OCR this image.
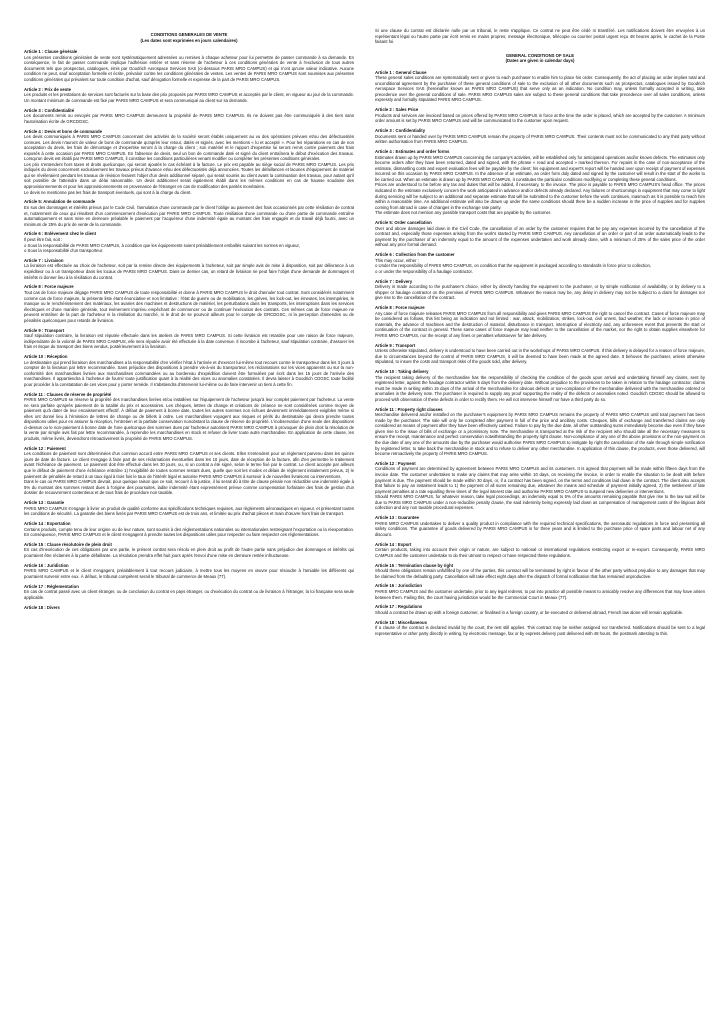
CONDITIONS GENERALES DE VENTE

(Les dates sont exprimées en jours calendaires)

Article 1 : Clause générale

Les présentes conditions générales de vente sont systématiquement adressées ou remises à chaque acheteur pour lui permettre de passer commande à sa demande. En conséquence, le fait de passer commande implique l'adhésion entière et sans réserve de l'acheteur à ces conditions générales de vente à l'exclusion de tous autres documents tels que prospectus, catalogues, émis par Goodrich Aerospace Services SAS (ci-dessous PARIS MRO CAMPUS) et qui n'ont qu'une valeur indicative. Aucune condition ne peut, sauf acceptation formelle et écrite, prévaloir contre les conditions générales de ventes. Les ventes de PARIS MRO CAMPUS sont soumises aux présentes conditions générales qui prévalent sur toute condition d'achat, sauf dérogation formelle et expresse de la part de PARIS MRO CAMPUS.

Article 2 : Prix de vente

Les produits et les prestations de services sont facturés sur la base des prix proposés par PARIS MRO CAMPUS et acceptés par le client, en vigueur au jour de la commande. Un montant minimum de commande est fixé par PARIS MRO CAMPUS et sera communiqué au client sur sa demande.

Article 3 : Confidentialité

Les documents remis ou envoyés par PARIS MRO CAMPUS demeurent la propriété de PARIS MRO CAMPUS. Ils ne doivent pas être communiqués à des tiers sans l'autorisation écrite de GRCDGSC.

Article 4 : Devis et bons de commande

Les devis communiqués à PARIS MRO CAMPUS concernant des activités de la société seront établis uniquement au vu des opérations prévues et/ou des défectuosités connues. Les devis n'auront de valeur de bons de commande qu'après leur retour, datés et signés, avec les mentions « lu et accepté ». Pour les réparations en cas de non acceptation du devis, les frais de démontage et d'expertise seront à la charge du client ; son matériel et le rapport d'expertise lui seront remis contre paiement des frais exposés à cette occasion par PARIS MRO CAMPUS. En l'absence de devis, seul un bon de commande daté et signé du client entraînera le début d'exécution des travaux. Lorsqu'un devis est établi par PARIS MRO CAMPUS, il constitue les conditions particulières venant modifier ou compléter les présentes conditions générales.

Les prix s'entendent hors taxes et droits quelconque, qui seront ajoutés le cas échéant à la facture. Le prix est payable au siège social de PARIS MRO CAMPUS. Les prix indiqués du devis concernent exclusivement les travaux prévus d'avance et/ou des défectuosités déjà annoncées. Toutes les défaillances et lacunes d'équipement de matériel qui se révéleraient pendant les travaux de révision feraient l'objet d'un devis additionnel séparé, qui serait soumis au client avant la continuation des travaux, pour autant qu'il soit possible de l'atteindre dans un délai raisonnable. Un devis additionnel serait également établi dans les mêmes conditions en cas de hausse soudaine des approvisionnements et pour les approvisionnements en provenance de l'étranger en cas de modification des parités monétaires.

Le devis ne mentionne pas les frais de transport éventuels, qui sont à la charge du client.

Article 5: Annulation de commande

En sus des dommages et intérêts prévus par le Code Civil, l'annulation d'une commande par le client l'oblige au paiement des frais occasionnés par cette résiliation de contrat et, notamment de ceux qui résultent d'un commencement d'exécution par PARIS MRO CAMPUS. Toute résiliation d'une commande ou d'une partie de commande entraîne automatiquement et sans mise en demeure préalable le paiement par l'acquéreur d'une indemnité égale au montant des frais engagés et du travail déjà fourni, avec un minimum de 25% du prix de vente de la commande.

Article 6 : Enlèvement chez le client

Il peut être fait, soit :

o Sous la responsabilité de PARIS MRO CAMPUS, à condition que les équipements soient préalablement emballés suivant les normes en vigueur,

o Sous la responsabilité d'un transporteur.

Article 7 : Livraison

La livraison est effectuée au choix de l'acheteur, soit par la remise directe des équipements à l'acheteur, soit par simple avis de mise à disposition, soit par délivrance à un expéditeur ou à un transporteur dans les locaux de PARIS MRO CAMPUS. Dans ce dernier cas, un retard de livraison ne peut faire l'objet d'une demande de dommages et intérêts ni donner lieu à la résiliation du contrat.

Article 8 : Force majeure

Tout cas de force majeure dégage PARIS MRO CAMPUS de toute responsabilité et donne à PARIS MRO CAMPUS le droit d'annuler tout contrat. Sont considérés notamment comme cas de force majeure, la présente liste étant énonciative et non limitative : l'état de guerre ou de mobilisation, les grèves, les lock-out, les émeutes, les intempéries, le manque ou le renchérissement des matériaux, les avaries des machines et destructions de matériel, les perturbations dans les transports, les interruptions dans les services électriques et d'une manière générale, tout événement imprévu empêchant de commencer ou de continuer l'exécution des contrats. Ces mêmes cas de force majeure ne peuvent entraîner de la part de l'acheteur ni la résiliation du marché, ni le droit de se pourvoir ailleurs pour le compte de GRCDGSC, ni la perception d'amendes ou de pénalités quelconques pour retards de livraison.

Article 9 : Transport

Sauf stipulation contraire, la livraison est réputée effectuée dans les ateliers de PARIS MRO CAMPUS. Si cette livraison est retardée pour une raison de force majeure, indépendante de la volonté de PARIS MRO CAMPUS, elle sera réputée avoir été effectuée à la date convenue. Il incombe à l'acheteur, sauf stipulation contraire, d'assurer les frais et risque du transport des biens vendus, postérieurement à la livraison.

Article 10 : Réception

Le destinataire qui prend livraison des marchandises a la responsabilité d'en vérifier l'état à l'arrivée et d'exercer lui-même tout recours contre le transporteur dans les 3 jours à compter de la livraison par lettre recommandée. Sans préjudice des dispositions à prendre vis-à-vis du transporteur, les réclamations sur les vices apparents ou sur la non-conformité des marchandises livrées aux marchandises commandées ou au bordereau d'expédition doivent être formulées par écrit dans les 15 jours de l'arrivée des marchandises. Il appartiendra à l'acheteur de fournir toute justification quant à la réalité des vices ou anomalies constatées. Il devra laisser à Goodrich CDGSC toute facilité pour procéder à la constatation de ces vices pour y porter remède. Il s'abstiendra d'intervenir lui-même ou de faire intervenir un tiers à cette fin.

Article 11 : Clauses de réserve de propriété

PARIS MRO CAMPUS se réserve la propriété des marchandises livrées et/ou installées sur l'équipement de l'acheteur jusqu'à leur complet paiement par l'acheteur. La vente ne sera parfaite qu'après paiement de la totalité du prix et accessoires. Les chèques, lettres de change et créations de créance ne sont considérées comme moyen de paiement qu'à dater de leur encaissement effectif. À défaut de paiement à bonne date, toutes les autres sommes non échues deviennent immédiatement exigibles même si elles ont donné lieu à l'émission de lettres de change ou de billets à ordre. Les marchandises voyagent aux risques et périls du destinataire qui devra prendre toutes dispositions utiles pour en assurer la réception, l'entretien et la parfaite conservation nonobstant la clause de réserve de propriété. L'inobservation d'une seule des dispositions ci-dessus ou le non-paiement à bonne date de l'une quelconque des sommes dues par l'acheteur autorisent PARIS MRO CAMPUS à provoquer de plein droit la résolution de la vente par simple avis fait par lettre recommandée, à reprendre les marchandises en stock et refuser de livrer toute autre marchandise. En application de cette clause, les produits, même livrés, deviendront rétroactivement la propriété de PARIS MRO CAMPUS.

Article 12 : Paiement

Les conditions de paiement sont déterminées d'un commun accord entre PARIS MRO CAMPUS et ses clients. Elles s'entendent pour un règlement parvenu dans les quinze jours de date de facture. Le client s'engage à faire part de ses réclamations éventuelles dans les 10 jours, date de réception de la facture, afin d'en permettre le traitement avant l'échéance de paiement. Le paiement doit être effectué dans les 30 jours, ou, si un contrat a été signé, selon le terme fixé par le contrat. Le client accepte par ailleurs que le défaut de paiement d'une échéance entraîne 1) l'exigibilité de toutes sommes restant dues, quelle que soit les modes et délais de règlement initialement prévus, 2) le paiement de pénalités de retard à un taux égal à trois fois le taux de l'intérêt légal et autorise PARIS MRO CAMPUS à surseoir à de nouvelles livraisons ou interventions.

Dans le cas où PARIS MRO CAMPUS devrait, pour quelque raison que ce soit, recourir à la justice, il lui serait dû à titre de clause pénale non réductible une indemnité égale à 5% du montant des sommes restant dues à l'origine des poursuites, ladite indemnité étant expressément prévue comme compensation forfaitaire des frais de gestion d'un dossier de recouvrement contentieux et de tous frais de procédure non taxable.

Article 13 : Garantie

PARIS MRO CAMPUS s'engage à livrer un produit de qualité conforme aux spécifications techniques requises, aux règlements aéronautiques en vigueur, et présentant toutes les conditions de sécurité. La garantie des biens livrés par PARIS MRO CAMPUS est de trois ans, et limitée au prix d'achat pièces et main d'œuvre hors frais de transport.

Article 14 : Exportation

Certains produits, compte tenu de leur origine ou de leur nature, sont soumis à des réglementations nationales ou internationales restreignant l'exportation ou la réexportation. En conséquence, PARIS MRO CAMPUS et le client s'engagent à prendre toutes les dispositions utiles pour respecter ou faire respecter ces réglementations.

Article 15 : Clause résolutoire de plein droit

En cas d'inexécution de ces obligations par une partie, le présent contrat sera résolu en plein droit au profit de l'autre partie sans préjudice des dommages et intérêts qui pourraient être réclamés à la partie défaillante. La résolution prendra effet huit jours après l'envoi d'une mise en demeure restée infructueuse.

Article 16 : Juridiction

PARIS MRO CAMPUS et le client s'engagent, préalablement à tout recours judiciaire, à mettre tous les moyens en œuvre pour résoudre à l'amiable les différents qui pourraient survenir entre eux. À défaut, le tribunal compétent serait le tribunal de commerce de Meaux (77).

Article 17 : Réglementation

En cas de contrat passé avec un client étranger, ou de conclusion du contrat en pays étranger, ou d'exécution du contrat ou de livraison à l'étranger, la loi française sera seule applicable.

Article 18 : Divers

Si une clause du contrat est déclarée nulle par un tribunal, le reste s'applique. Ce contrat ne peut être cédé ni transféré. Les notifications doivent être envoyées à un représentant légal ou l'autre partie par écrit remis en mains propres, message électronique, télécopie ou courrier postal urgent reçu 48 heures après, le cachet de la Poste faisant foi.

GENERAL CONDITIONS OF SALE

(Dates are given in calendar days)

Article 1 : General Clause

These general sales conditions are systematically sent or given to each purchaser to enable him to place his order. Consequently, the act of placing an order implies total and unconditional agreement by the purchaser of these general conditions of sale to the exclusion of all other documents such as prospectus, catalogues issued by Goodrich Aerospace Services SAS (hereinafter known as PARIS MRO CAMPUS) that serve only as an indication. No condition may, unless formally accepted in writing, take precedence over the general conditions of sale. PARIS MRO CAMPUS sales are subject to these general conditions that take precedence over all sales conditions, unless expressly and formally stipulated PARIS MRO CAMPUS.

Article 2 : Sales Price

Products and services are invoiced based on prices offered by PARIS MRO CAMPUS in force at the time the order is placed, which are accepted by the customer. A minimum order amount is set by PARIS MRO CAMPUS and will be communicated to the customer upon request.

Article 3 : Confidentiality

Documents sent or handed over by PARIS MRO CAMPUS remain the property of PARIS MRO CAMPUS. Their contents must not be communicated to any third party without written authorisation from PARIS MRO CAMPUS.

Article 4 : Estimates and order forms

Estimates drawn up by PARIS MRO CAMPUS concerning the company's activities, will be established only for anticipated operations and/or known defects. The estimates only become orders after they have been returned, dated and signed, with the phrase « read and accepted » marked thereon. For repairs in the case of non-acceptance of the estimate, dismantling costs and expert evaluation fees will be payable by the client; his equipment and expert's report will be handed over upon receipt of payment of expenses incurred on this occasion by PARIS MRO CAMPUS. In the absence of an estimate, an order form duly dated and signed by the customer will result in the start of the works to be carried out. When an estimate is drawn up by PARIS MRO CAMPUS, it constitutes the particular conditions modifying or completing these general conditions.

Prices are understood to be before any tax and duties that will be added, if necessary, to the invoice. The price is payable to PARIS MRO CAMPUS's head office. The prices indicated in the estimate exclusively concern the work anticipated in advance and/or defects already declared. Any failures or shortcomings in equipment that may come to light during servicing will be subject to an additional and separate estimate that will be submitted to the customer before the work continues, inasmuch as it is possible to reach him within a reasonable time. An additional estimate will also be drawn up under the same conditions should there be a sudden increase in the price of supplies and for supplies coming from abroad in case of changes in the exchange rate parity.

The estimate does not mention any possible transport costs that are payable by the customer.

Article 5: Order cancellation

Over and above damages laid down in the Civil Code, the cancellation of an order by the customer requires that he pay any expenses incurred by the cancellation of the contract and, especially those expenses arising from the work's started by PARIS MRO CAMPUS. Any cancellation of an order or part of an order automatically leads to the payment by the purchaser of an indemnity equal to the amount of the expenses undertaken and work already done, with a minimum of 25% of the sales price of the order without any prior formal demand.

Article 6 : Collection from the customer

This may occur, either :

o Under the responsibility of PARIS MRO CAMPUS, on condition that the equipment is packaged according to standards in force prior to collection,

o or under the responsibility of a haulage contractor.

Article 7 : Delivery

Delivery is made according to the purchaser's choice, either by directly handing the equipment to the purchaser, or by simple notification of availability, or by delivery to a shipper or haulage contractor on the premises of PARIS MRO CAMPUS. Whatever the reason may be, any delay in delivery may not be subject to a claim for damages nor give rise to the cancellation of the contract.

Article 8 : Force majeure

Any case of force majeure releases PARIS MRO CAMPUS from all responsibility and gives PARIS MRO CAMPUS the right to cancel the contract. Cases of force majeure may be considered as follows, this list being an indication and not limited : war, attack, mobilization, strikes, lock-out, civil unrest, bad weather, the lack or increase in price of materials, the advance of machines and the destruction of material, disturbance in transport, interruption of electricity and, any unforeseen event that prevents the start or continuation of the contract in general. These same cases of force majeure may lead neither to the cancellation of the market, nor the right to obtain supplies elsewhere for PARIS MRO CAMPUS, nor the receipt of any fines or penalties whatsoever for late delivery.

Article 9 : Transport

Unless otherwise stipulated, delivery is understood to have been carried out in the workshops of PARIS MRO CAMPUS. If this delivery is delayed for a reason of force majeure, due to circumstances beyond the control of PARIS MRO CAMPUS, it will be deemed to have been made at the agreed date. It behoves the purchaser, unless otherwise stipulated, to insure the costs and transport risks of the goods sold, after delivery.

Article 10 : Taking delivery

The recipient taking delivery of the merchandise has the responsibility of checking the condition of the goods upon arrival and undertaking himself any claims, sent by registered letter, against the haulage contractor within 5 days from the delivery date. Without prejudice to the provisions to be taken in relation to the haulage contractor, claims must be made in writing within 15 days of the arrival of the merchandise for obvious defects or non-compliance of the merchandise delivered with the merchandise ordered or anomalies in the delivery note. The purchaser is required to supply any proof supporting the reality of the defects or anomalies noted. Goodrich CDGSC should be allowed to proceed with observation of these defects in order to rectify them. He will not intervene himself nor have a third party do so.

Article 11 : Property right clauses

Merchandise delivered and/or installed on the purchaser's equipment by PARIS MRO CAMPUS remains the property of PARIS MRO CAMPUS until total payment has been made by the purchaser. The sale will only be completed after payment in full of the price and ancillary costs. Cheques, bills of exchange and transferred claims are only considered as means of payment after they have been effectively cashed. Failure to pay by the due date, all other outstanding sums immediately become due even if they have given rise to the issue of bills of exchange or a promissory note. The merchandise is transported at the risk of the recipient who should take all the necessary measures to ensure the receipt, maintenance and perfect conservation notwithstanding the property right clause. Non-compliance of any one of the above provisions or the non-payment on the due date of any one of the amounts due by the purchaser would authorise PARIS MRO CAMPUS to instigate by right the cancellation of the sale through simple notification by registered letter, to take back the merchandise in stock and to refuse to deliver any other merchandise. In application of this clause, the products, even those delivered, will become retroactively the property of PARIS MRO CAMPUS.

Article 12 : Payment

Conditions of payment are determined by agreement between PARIS MRO CAMPUS and its customers. It is agreed that payment will be made within fifteen days from the invoice date. The customer undertakes to make any claims that may arise within 10 days, on receiving the invoice, in order to enable the situation to be dealt with before payment is due. The payment should be made within 30 days, or, if a contract has been signed, on the terms and conditions laid down in the contract. The client also accepts that failure to pay an instalment leads to 1) the payment of all sums remaining due, whatever the means and schedule of payment initially agreed, 2) the settlement of late payment penalties at a rate equalling three times of the legal interest rate and authorise PARIS MRO CAMPUS to suspend new deliveries or interventions.

Should PARIS MRO CAMPUS, for whatever reason, take legal proceedings, an indemnity equal to 5% of the amounts remaining payable that give rise to the law suit will be due to PARIS MRO CAMPUS under a non-reducible penalty clause, the said indemnity being expressly laid down as compensation of management costs of the litigious debt collection and any non taxable procedural expenses.

Article 13 : Guarantee

PARIS MRO CAMPUS undertakes to deliver a quality product in compliance with the required technical specifications, the aeronautic regulations in force and presenting all safety conditions. The guarantee of goods delivered by PARIS MRO CAMPUS is for three years and is limited to the purchase price of spare parts and labour net of any discount.

Article 14 : Export

Certain products, taking into account their origin or nature, are subject to national or international regulations restricting export or re-export. Consequently, PARIS MRO CAMPUS and the customer undertake to do their utmost to respect or have respected these regulations.

Article 15 : Termination clause by right

Should these obligations remain unfulfilled by one of the parties, this contract will be terminated by right in favour of the other party without prejudice to any damages that may be claimed from the defaulting party. Cancellation will take effect eight days after the dispatch of formal notification that has remained unproductive.

Article 16 : Jurisdiction

PARIS MRO CAMPUS and the customer undertake, prior to any legal redress, to put into practice all possible means to amicably resolve any differences that may have arisen between them. Failing this, the court having jurisdiction would be the Commercial Court in Meaux (77).

Article 17 : Regulations

Should a contract be drawn up with a foreign customer, or finalised in a foreign country, or be executed or delivered abroad, French law alone will remain applicable.

Article 18 : Miscellaneous

If a clause of the contract is declared invalid by the court, the rest still applies. This contract may be neither assigned nor transferred. Notifications should be sent to a legal representative or other party directly in writing, by electronic message, fax or by express delivery post delivered with 48 hours, the postmark attesting to this.
